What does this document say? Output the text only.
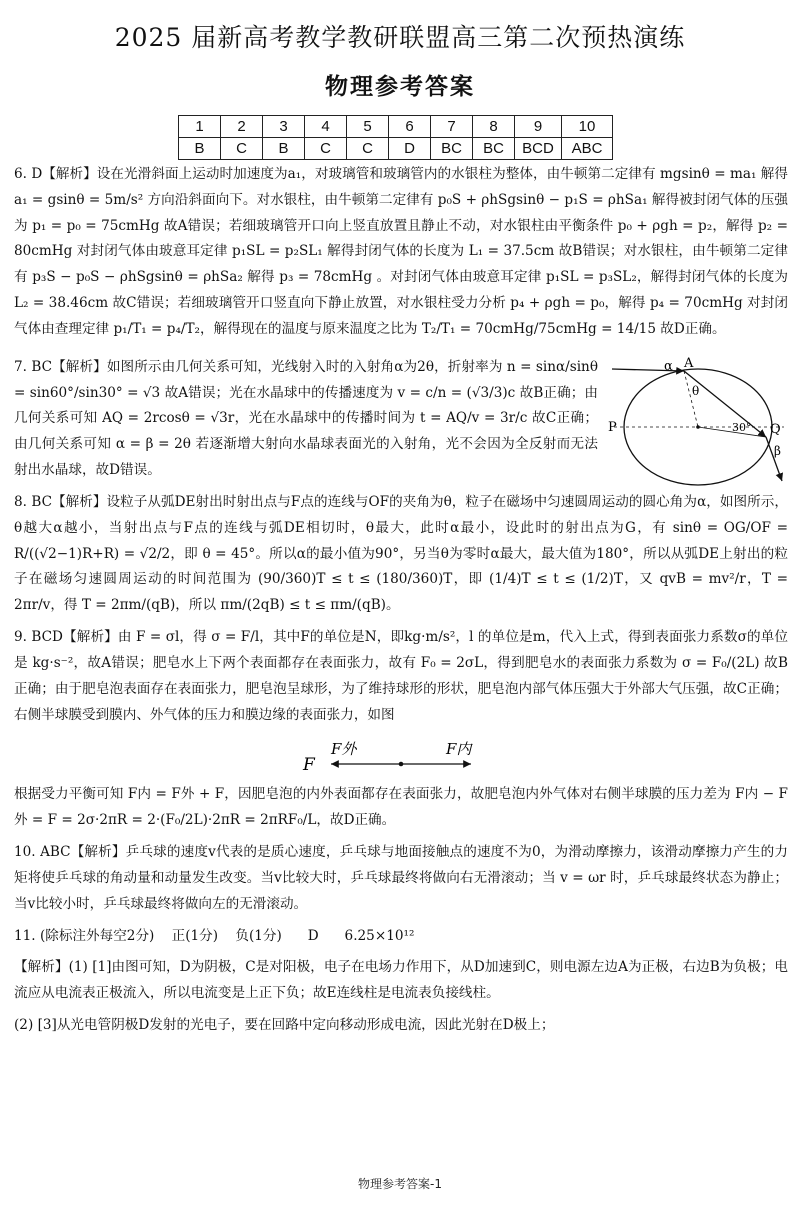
2025 届新高考教学教研联盟高三第二次预热演练
物理参考答案
1	2	3	4	5	6	7	8	9	10
B	C	B	C	C	D	BC	BC	BCD	ABC

6. D【解析】设在光滑斜面上运动时加速度为a₁，对玻璃管和玻璃管内的水银柱为整体，由牛顿第二定律有 mgsinθ = ma₁ 解得 a₁ = gsinθ = 5m/s² 方向沿斜面向下。对水银柱，由牛顿第二定律有 p₀S + ρhSgsinθ − p₁S = ρhSa₁ 解得被封闭气体的压强为 p₁ = p₀ = 75cmHg 故A错误；若细玻璃管开口向上竖直放置且静止不动，对水银柱由平衡条件 p₀ + ρgh = p₂，解得 p₂ = 80cmHg 对封闭气体由玻意耳定律 p₁SL = p₂SL₁ 解得封闭气体的长度为 L₁ = 37.5cm 故B错误；对水银柱，由牛顿第二定律有 p₃S − p₀S − ρhSgsinθ = ρhSa₂ 解得 p₃ = 78cmHg 。对封闭气体由玻意耳定律 p₁SL = p₃SL₂，解得封闭气体的长度为 L₂ = 38.46cm 故C错误；若细玻璃管开口竖直向下静止放置，对水银柱受力分析 p₄ + ρgh = p₀，解得 p₄ = 70cmHg 对封闭气体由查理定律 p₁/T₁ = p₄/T₂，解得现在的温度与原来温度之比为 T₂/T₁ = 70cmHg/75cmHg = 14/15 故D正确。

A
α
θ
P	Q
30°
β

7. BC【解析】如图所示由几何关系可知，光线射入时的入射角α为2θ，折射率为 n = sinα/sinθ = sin60°/sin30° = √3 故A错误；光在水晶球中的传播速度为 v = c/n = (√3/3)c 故B正确；由几何关系可知 AQ = 2rcosθ = √3r，光在水晶球中的传播时间为 t = AQ/v = 3r/c 故C正确；由几何关系可知 α = β = 2θ 若逐渐增大射向水晶球表面光的入射角，光不会因为全反射而无法射出水晶球，故D错误。

8. BC【解析】设粒子从弧DE射出时射出点与F点的连线与OF的夹角为θ，粒子在磁场中匀速圆周运动的圆心角为α，如图所示，θ越大α越小，当射出点与F点的连线与弧DE相切时，θ最大，此时α最小，设此时的射出点为G，有 sinθ = OG/OF = R/((√2−1)R+R) = √2/2，即 θ = 45°。所以α的最小值为90°，另当θ为零时α最大，最大值为180°，所以从弧DE上射出的粒子在磁场匀速圆周运动的时间范围为 (90/360)T ≤ t ≤ (180/360)T，即 (1/4)T ≤ t ≤ (1/2)T，又 qvB = mv²/r，T = 2πr/v，得 T = 2πm/(qB)，所以 πm/(2qB) ≤ t ≤ πm/(qB)。

9. BCD【解析】由 F = σl，得 σ = F/l，其中F的单位是N，即kg·m/s²，l 的单位是m，代入上式，得到表面张力系数σ的单位是 kg·s⁻²，故A错误；肥皂水上下两个表面都存在表面张力，故有 F₀ = 2σL，得到肥皂水的表面张力系数为 σ = F₀/(2L) 故B正确；由于肥皂泡表面存在表面张力，肥皂泡呈球形，为了维持球形的形状，肥皂泡内部气体压强大于外部大气压强，故C正确；右侧半球膜受到膜内、外气体的压力和膜边缘的表面张力，如图

F
F外	F内

根据受力平衡可知 F内 = F外 + F，因肥皂泡的内外表面都存在表面张力，故肥皂泡内外气体对右侧半球膜的压力差为 F内 − F外 = F = 2σ·2πR = 2·(F₀/2L)·2πR = 2πRF₀/L，故D正确。

10. ABC【解析】乒乓球的速度v代表的是质心速度，乒乓球与地面接触点的速度不为0，为滑动摩擦力，该滑动摩擦力产生的力矩将使乒乓球的角动量和动量发生改变。当v比较大时，乒乓球最终将做向右无滑滚动；当 v = ωr 时，乒乓球最终状态为静止；当v比较小时，乒乓球最终将做向左的无滑滚动。

11. (除标注外每空2分)    正(1分)    负(1分)      D      6.25×10¹²

【解析】(1) [1]由图可知，D为阴极，C是对阳极，电子在电场力作用下，从D加速到C，则电源左边A为正极，右边B为负极；电流应从电流表正极流入，所以电流变是上正下负；故E连线柱是电流表负接线柱。

(2) [3]从光电管阴极D发射的光电子，要在回路中定向移动形成电流，因此光射在D极上；

物理参考答案-1
